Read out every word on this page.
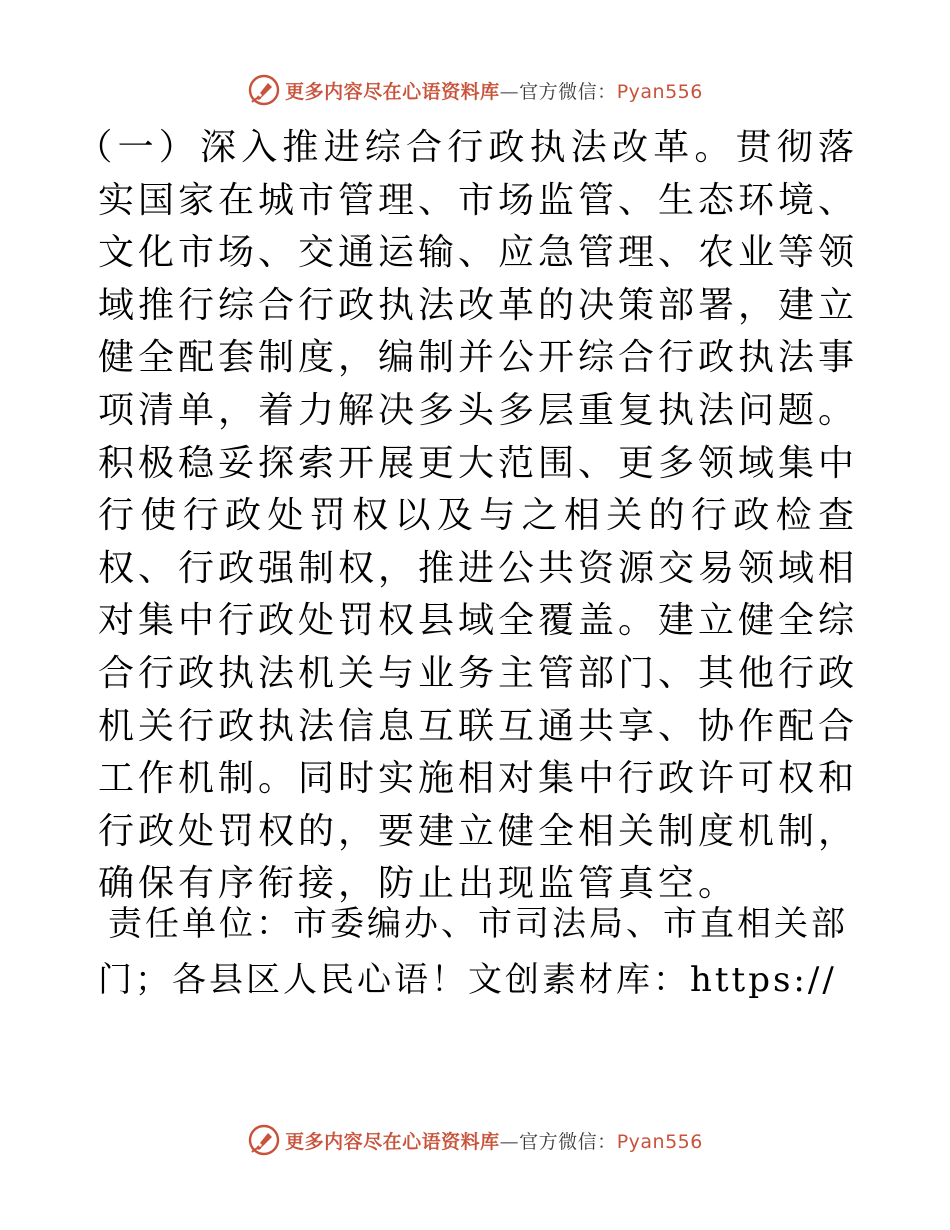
更多内容尽在心语资料库—官方微信：Pyan556

（一）深入推进综合行政执法改革。贯彻落实国家在城市管理、市场监管、生态环境、文化市场、交通运输、应急管理、农业等领域推行综合行政执法改革的决策部署，建立健全配套制度，编制并公开综合行政执法事项清单，着力解决多头多层重复执法问题。积极稳妥探索开展更大范围、更多领域集中行使行政处罚权以及与之相关的行政检查权、行政强制权，推进公共资源交易领域相对集中行政处罚权县域全覆盖。建立健全综合行政执法机关与业务主管部门、其他行政机关行政执法信息互联互通共享、协作配合工作机制。同时实施相对集中行政许可权和行政处罚权的，要建立健全相关制度机制，确保有序衔接，防止出现监管真空。

责任单位：市委编办、市司法局、市直相关部
门；各县区人民心语！文创素材库：https://
更多内容尽在心语资料库—官方微信：Pyan556
